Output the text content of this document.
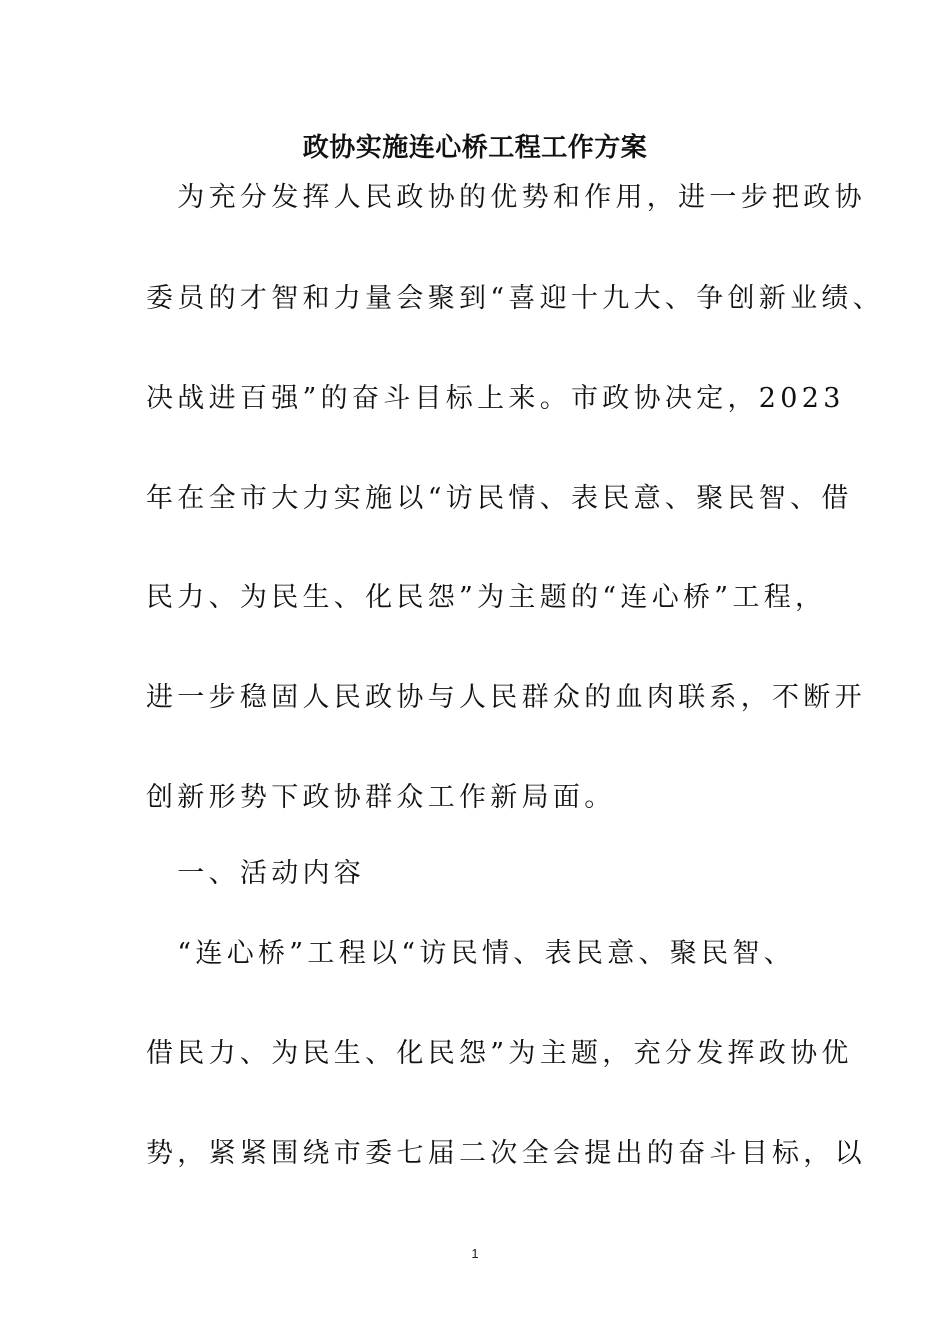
政协实施连心桥工程工作方案
　为充分发挥人民政协的优势和作用，进一步把政协
委员的才智和力量会聚到“喜迎十九大、争创新业绩、
决战进百强”的奋斗目标上来。市政协决定，2023
年在全市大力实施以“访民情、表民意、聚民智、借
民力、为民生、化民怨”为主题的“连心桥”工程，
进一步稳固人民政协与人民群众的血肉联系，不断开
创新形势下政协群众工作新局面。
　一、活动内容
　“连心桥”工程以“访民情、表民意、聚民智、
借民力、为民生、化民怨”为主题，充分发挥政协优
势，紧紧围绕市委七届二次全会提出的奋斗目标，以
1
